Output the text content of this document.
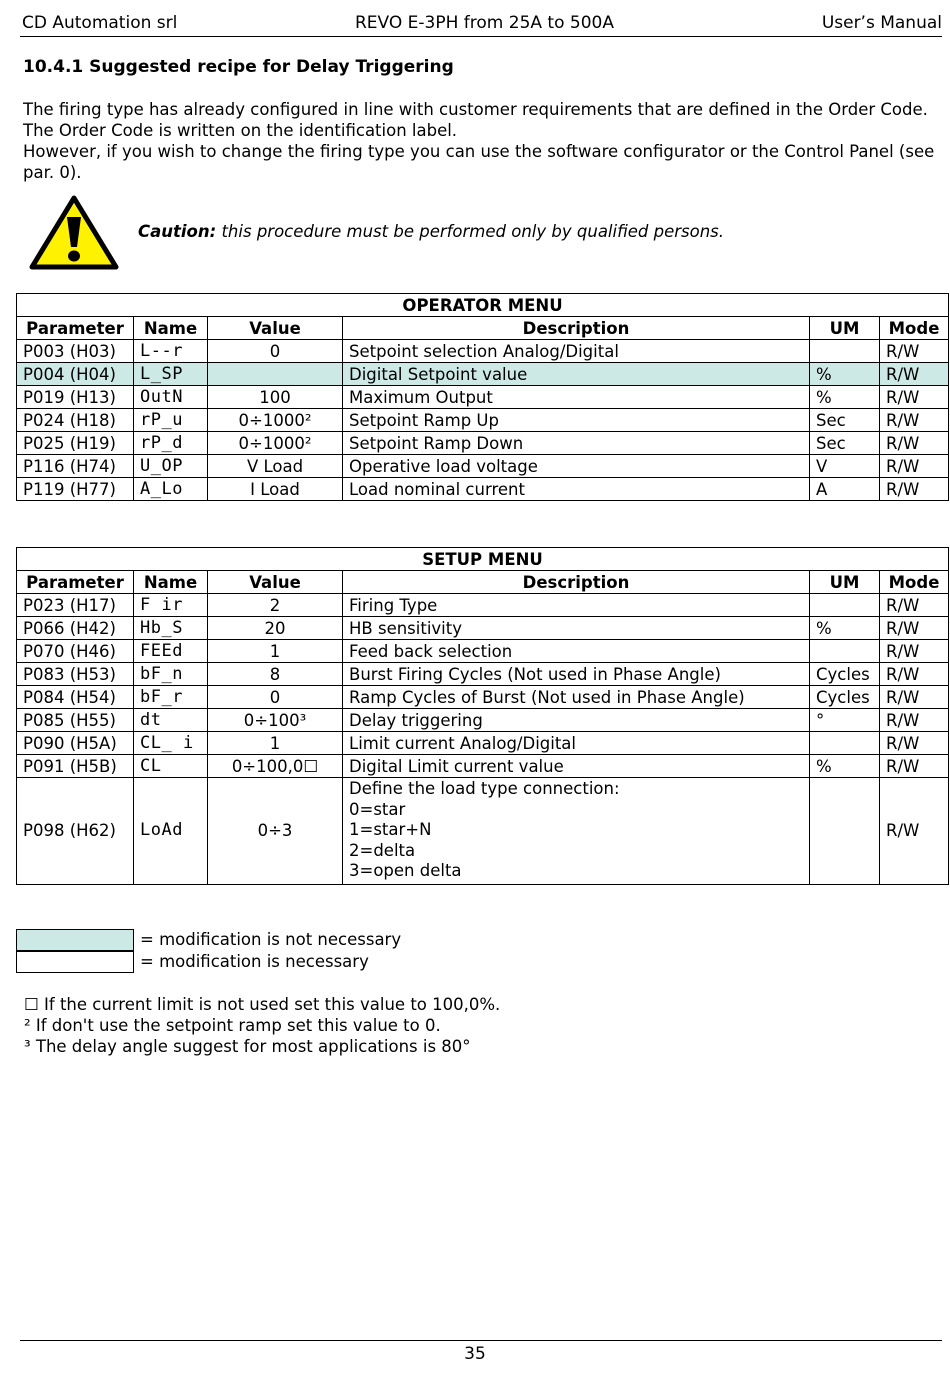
CD Automation srl	REVO E-3PH from 25A to 500A	User’s Manual
10.4.1 Suggested recipe for Delay Triggering

The firing type has already configured in line with customer requirements that are defined in the Order Code. The Order Code is written on the identification label.

However, if you wish to change the firing type you can use the software configurator or the Control Panel (see par. 0).

Caution: this procedure must be performed only by qualified persons.
OPERATOR MENU					
Parameter	Name	Value	Description	UM	Mode
P003 (H03)	L--r	0	Setpoint selection Analog/Digital		R/W
P004 (H04)	L_SP		Digital Setpoint value	%	R/W
P019 (H13)	OutN	100	Maximum Output	%	R/W
P024 (H18)	rP_u	0÷1000²	Setpoint Ramp Up	Sec	R/W
P025 (H19)	rP_d	0÷1000²	Setpoint Ramp Down	Sec	R/W
P116 (H74)	U_OP	V Load	Operative load voltage	V	R/W
P119 (H77)	A_Lo	I Load	Load nominal current	A	R/W
SETUP MENU					
Parameter	Name	Value	Description	UM	Mode
P023 (H17)	F ir	2	Firing Type		R/W
P066 (H42)	Hb_S	20	HB sensitivity	%	R/W
P070 (H46)	FEEd	1	Feed back selection		R/W
P083 (H53)	bF_n	8	Burst Firing Cycles (Not used in Phase Angle)	Cycles	R/W
P084 (H54)	bF_r	0	Ramp Cycles of Burst (Not used in Phase Angle)	Cycles	R/W
P085 (H55)	dt	0÷100³	Delay triggering	°	R/W
P090 (H5A)	CL_ i	1	Limit current Analog/Digital		R/W
P091 (H5B)	CL	0÷100,0☐	Digital Limit current value	%	R/W
P098 (H62)	LoAd	0÷3	Define the load type connection:
0=star
1=star+N
2=delta
3=open delta		R/W
= modification is not necessary
= modification is necessary

☐ If the current limit is not used set this value to 100,0%.

² If don't use the setpoint ramp set this value to 0.

³ The delay angle suggest for most applications is 80°

35
